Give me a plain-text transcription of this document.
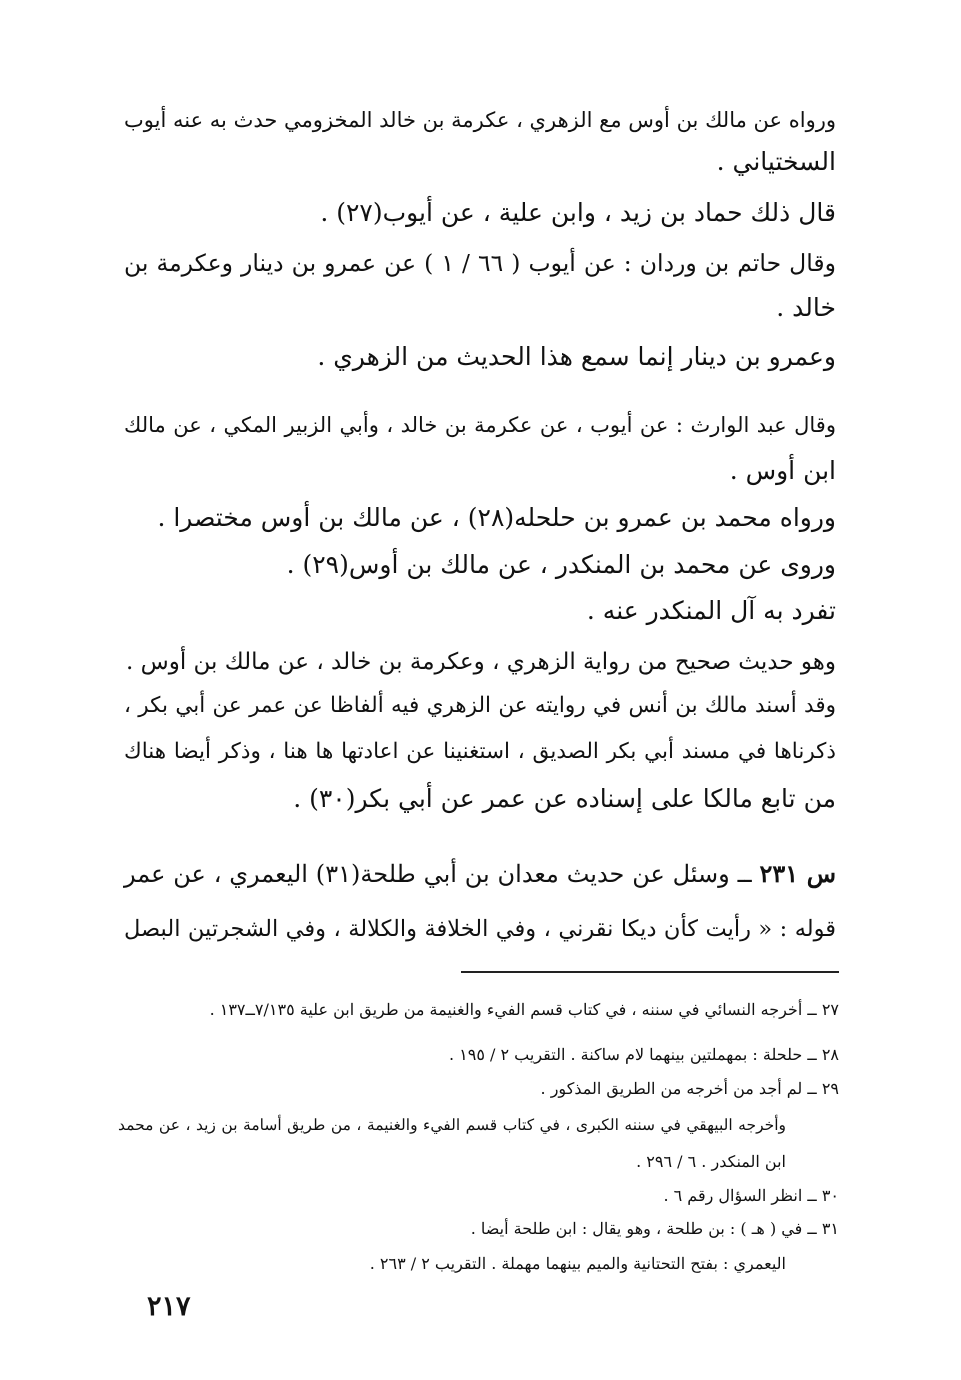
ورواه عن مالك بن أوس مع الزهري ، عكرمة بن خالد المخزومي حدث به عنه أيوب
السختياني .
قال ذلك حماد بن زيد ، وابن علية ، عن أيوب(٢٧) .
وقال حاتم بن وردان : عن أيوب ( ٦٦ / ١ ) عن عمرو بن دينار وعكرمة بن
خالد .
وعمرو بن دينار إنما سمع هذا الحديث من الزهري .
وقال عبد الوارث : عن أيوب ، عن عكرمة بن خالد ، وأبي الزبير المكي ، عن مالك
ابن أوس .
ورواه محمد بن عمرو بن حلحله(٢٨) ، عن مالك بن أوس مختصرا .
وروى عن محمد بن المنكدر ، عن مالك بن أوس(٢٩) .
تفرد به آل المنكدر عنه .
وهو حديث صحيح من رواية الزهري ، وعكرمة بن خالد ، عن مالك بن أوس .
وقد أسند مالك بن أنس في روايته عن الزهري فيه ألفاظا عن عمر عن أبي بكر ،
ذكرناها في مسند أبي بكر الصديق ، استغنينا عن اعادتها ها هنا ، وذكر أيضا هناك
من تابع مالكا على إسناده عن عمر عن أبي بكر(٣٠) .
س ٢٣١ ــ وسئل عن حديث معدان بن أبي طلحة(٣١) اليعمري ، عن عمر
قوله : « رأيت كأن ديكا نقرني ، وفي الخلافة والكلالة ، وفي الشجرتين البصل
٢٧ ــ أخرجه النسائي في سننه ، في كتاب قسم الفيء والغنيمة من طريق ابن علية ٧/١٣٥ــ١٣٧ .
٢٨ ــ حلحلة : بمهملتين بينهما لام ساكنة . التقريب ٢ / ١٩٥ .
٢٩ ــ لم أجد من أخرجه من الطريق المذكور .
وأخرجه البيهقي في سننه الكبرى ، في كتاب قسم الفيء والغنيمة ، من طريق أسامة بن زيد ، عن محمد
ابن المنكدر . ٦ / ٢٩٦ .
٣٠ ــ انظر السؤال رقم ٦ .
٣١ ــ في ( هـ ) : بن طلحة ، وهو يقال : ابن طلحة أيضا .
اليعمري : بفتح التحتانية والميم بينهما مهملة . التقريب ٢ / ٢٦٣ .
٢١٧
